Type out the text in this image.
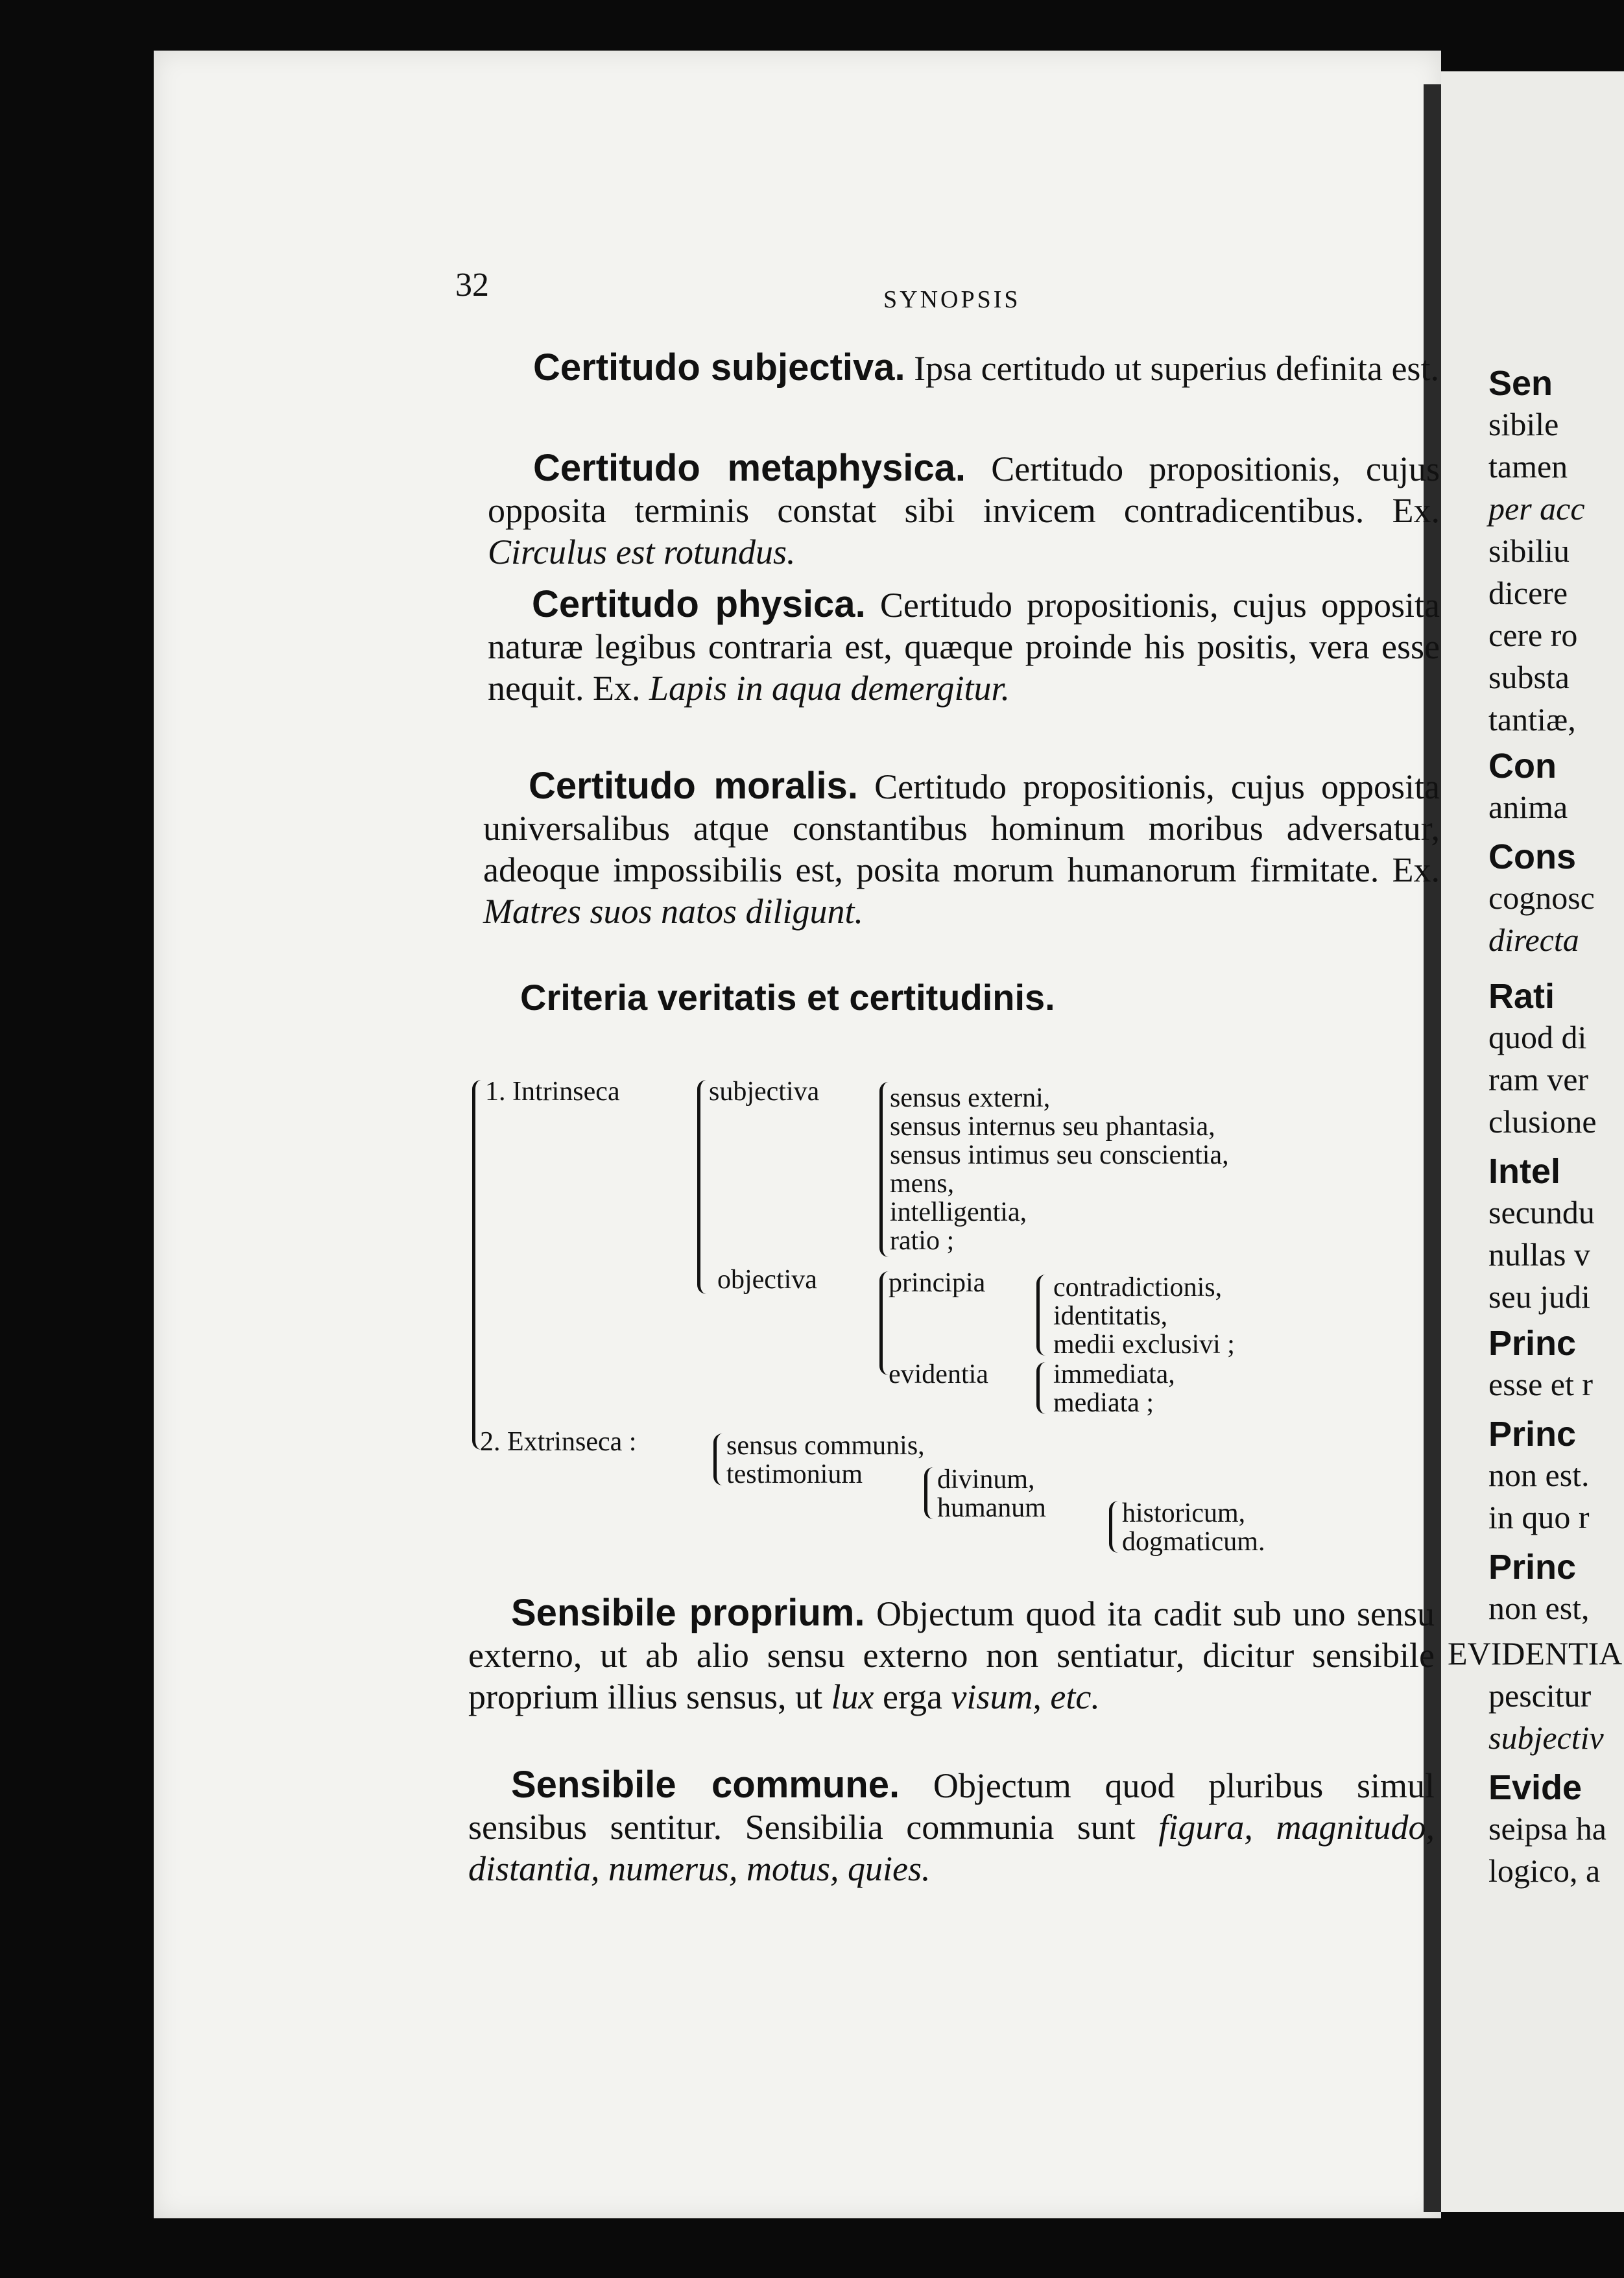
32	SYNOPSIS
Certitudo subjectiva. Ipsa certitudo ut superius definita est.
Certitudo metaphysica. Certitudo propositionis, cujus opposita terminis constat sibi invicem contradicentibus. Ex. Circulus est rotundus.
Certitudo physica. Certitudo propositionis, cujus opposita naturæ legibus contraria est, quæque proinde his positis, vera esse nequit. Ex. Lapis in aqua demergitur.
Certitudo moralis. Certitudo propositionis, cujus opposita universalibus atque constantibus hominum moribus adversatur, adeoque impossibilis est, posita morum humanorum firmitate. Ex. Matres suos natos diligunt.
Criteria veritatis et certitudinis.
1. Intrinseca	subjectiva	sensus externi,
sensus internus seu phantasia,
sensus intimus seu conscientia,
mens,
intelligentia,
ratio ;
objectiva	principia contradictionis,
identitatis,
medii exclusivi ;
evidentia immediata,
mediata ;
2. Extrinseca :	sensus communis,
testimonium	divinum,
humanum	historicum,
dogmaticum.
Sensibile proprium. Objectum quod ita cadit sub uno sensu externo, ut ab alio sensu externo non sentiatur, dicitur sensibile proprium illius sensus, ut lux erga visum, etc.
Sensibile commune. Objectum quod pluribus simul sensibus sentitur. Sensibilia communia sunt figura, magnitudo, distantia, numerus, motus, quies.
Sen
sibile
tamen
per acc
sibiliu
dicere
cere ro
substa
tantiæ,
Con
anima
Cons
cognosc
directa
Rati
quod di
ram ver
clusione
Intel
secundu
nullas v
seu judi
Princ
esse et r
Princ
non est.
in quo r
Princ
non est,
EVIDENTIA
pescitur
subjectiv
Evide
seipsa ha
logico, a
